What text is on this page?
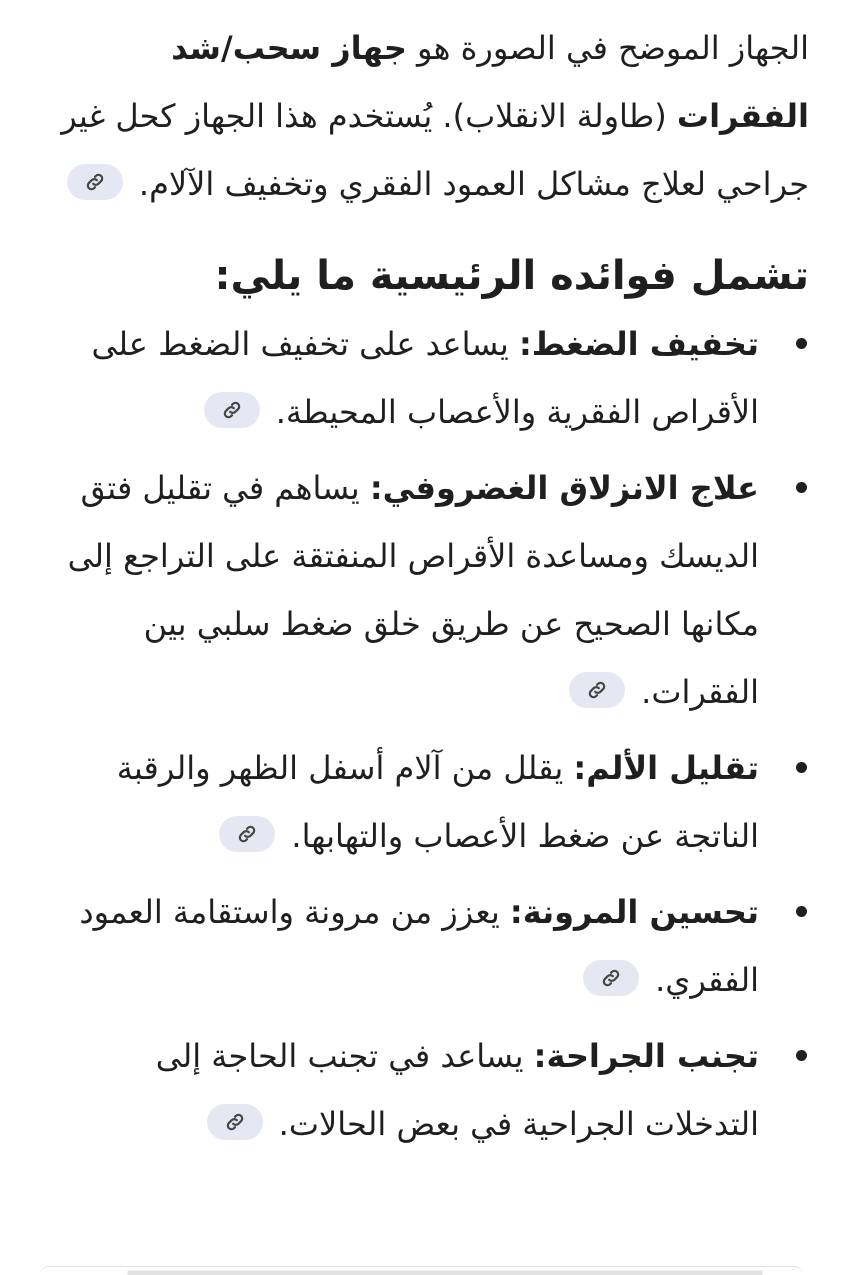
الجهاز الموضح في الصورة هو جهاز سحب/شد الفقرات (طاولة الانقلاب). يُستخدم هذا الجهاز كحل غير جراحي لعلاج مشاكل العمود الفقري وتخفيف الآلام.

تشمل فوائده الرئيسية ما يلي:
تخفيف الضغط: يساعد على تخفيف الضغط على الأقراص الفقرية والأعصاب المحيطة.
علاج الانزلاق الغضروفي: يساهم في تقليل فتق الديسك ومساعدة الأقراص المنفتقة على التراجع إلى مكانها الصحيح عن طريق خلق ضغط سلبي بين الفقرات.
تقليل الألم: يقلل من آلام أسفل الظهر والرقبة الناتجة عن ضغط الأعصاب والتهابها.
تحسين المرونة: يعزز من مرونة واستقامة العمود الفقري.
تجنب الجراحة: يساعد في تجنب الحاجة إلى التدخلات الجراحية في بعض الحالات.
